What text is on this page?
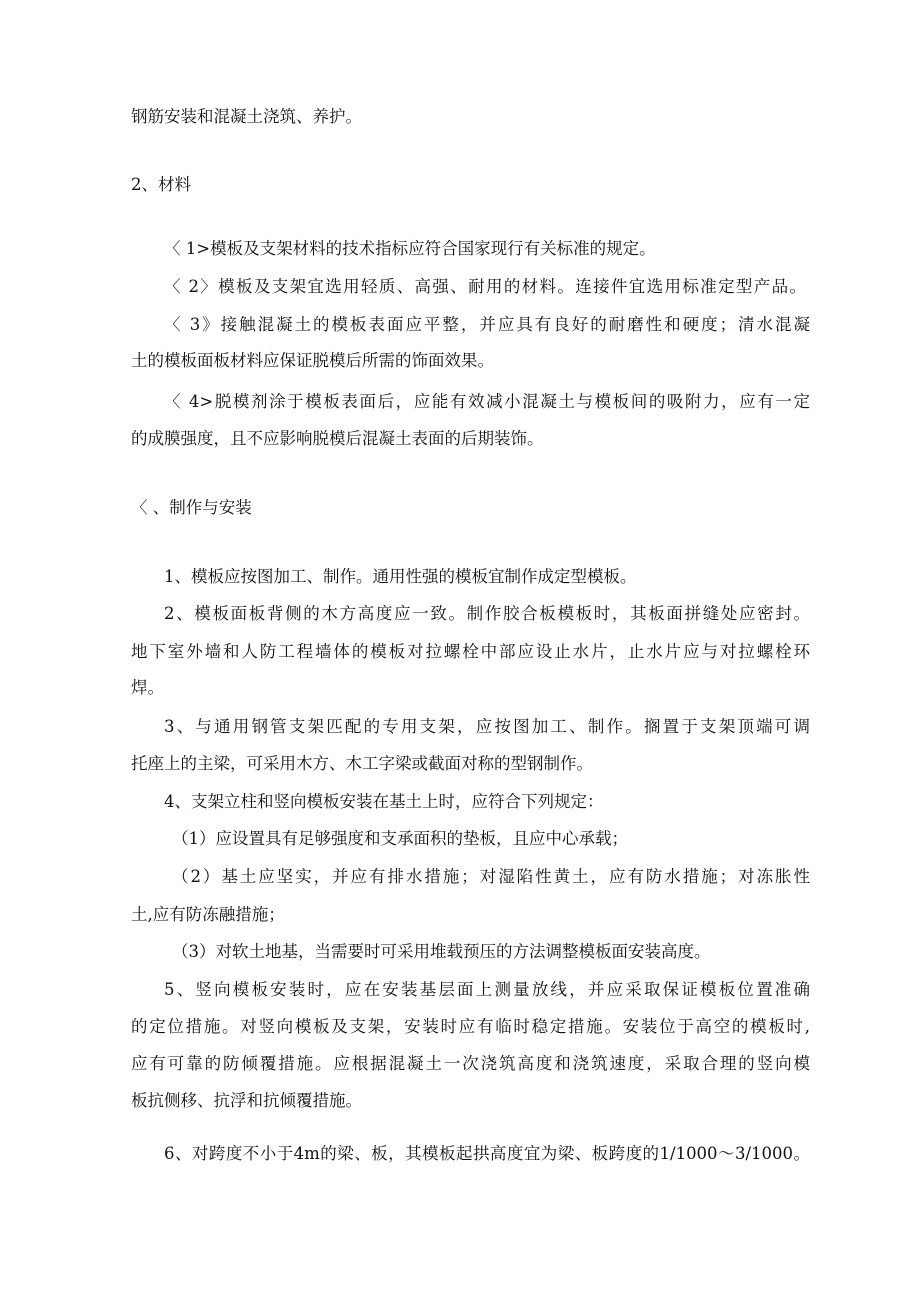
钢筋安装和混凝土浇筑、养护。
2、材料
〈 1>模板及支架材料的技术指标应符合国家现行有关标准的规定。
〈 2〉模板及支架宜选用轻质、高强、耐用的材料。连接件宜选用标准定型产品。
〈 3》接触混凝土的模板表面应平整，并应具有良好的耐磨性和硬度；清水混凝
土的模板面板材料应保证脱模后所需的饰面效果。
〈 4>脱模剂涂于模板表面后，应能有效减小混凝土与模板间的吸附力，应有一定
的成膜强度，且不应影响脱模后混凝土表面的后期装饰。
〈 、制作与安装
1、模板应按图加工、制作。通用性强的模板宜制作成定型模板。
2、模板面板背侧的木方高度应一致。制作胶合板模板时，其板面拼缝处应密封。
地下室外墙和人防工程墙体的模板对拉螺栓中部应设止水片，止水片应与对拉螺栓环
焊。
3、与通用钢管支架匹配的专用支架，应按图加工、制作。搁置于支架顶端可调
托座上的主梁，可采用木方、木工字梁或截面对称的型钢制作。
4、支架立柱和竖向模板安装在基土上时，应符合下列规定：
（1）应设置具有足够强度和支承面积的垫板，且应中心承载；
（2）基土应坚实，并应有排水措施；对湿陷性黄土，应有防水措施；对冻胀性
土,应有防冻融措施；
（3）对软土地基，当需要时可采用堆载预压的方法调整模板面安装高度。
5、竖向模板安装时，应在安装基层面上测量放线，并应采取保证模板位置准确
的定位措施。对竖向模板及支架，安装时应有临时稳定措施。安装位于高空的模板时,
应有可靠的防倾覆措施。应根据混凝土一次浇筑高度和浇筑速度，采取合理的竖向模
板抗侧移、抗浮和抗倾覆措施。
6、对跨度不小于4m的梁、板，其模板起拱高度宜为梁、板跨度的1/1000～3/1000。
